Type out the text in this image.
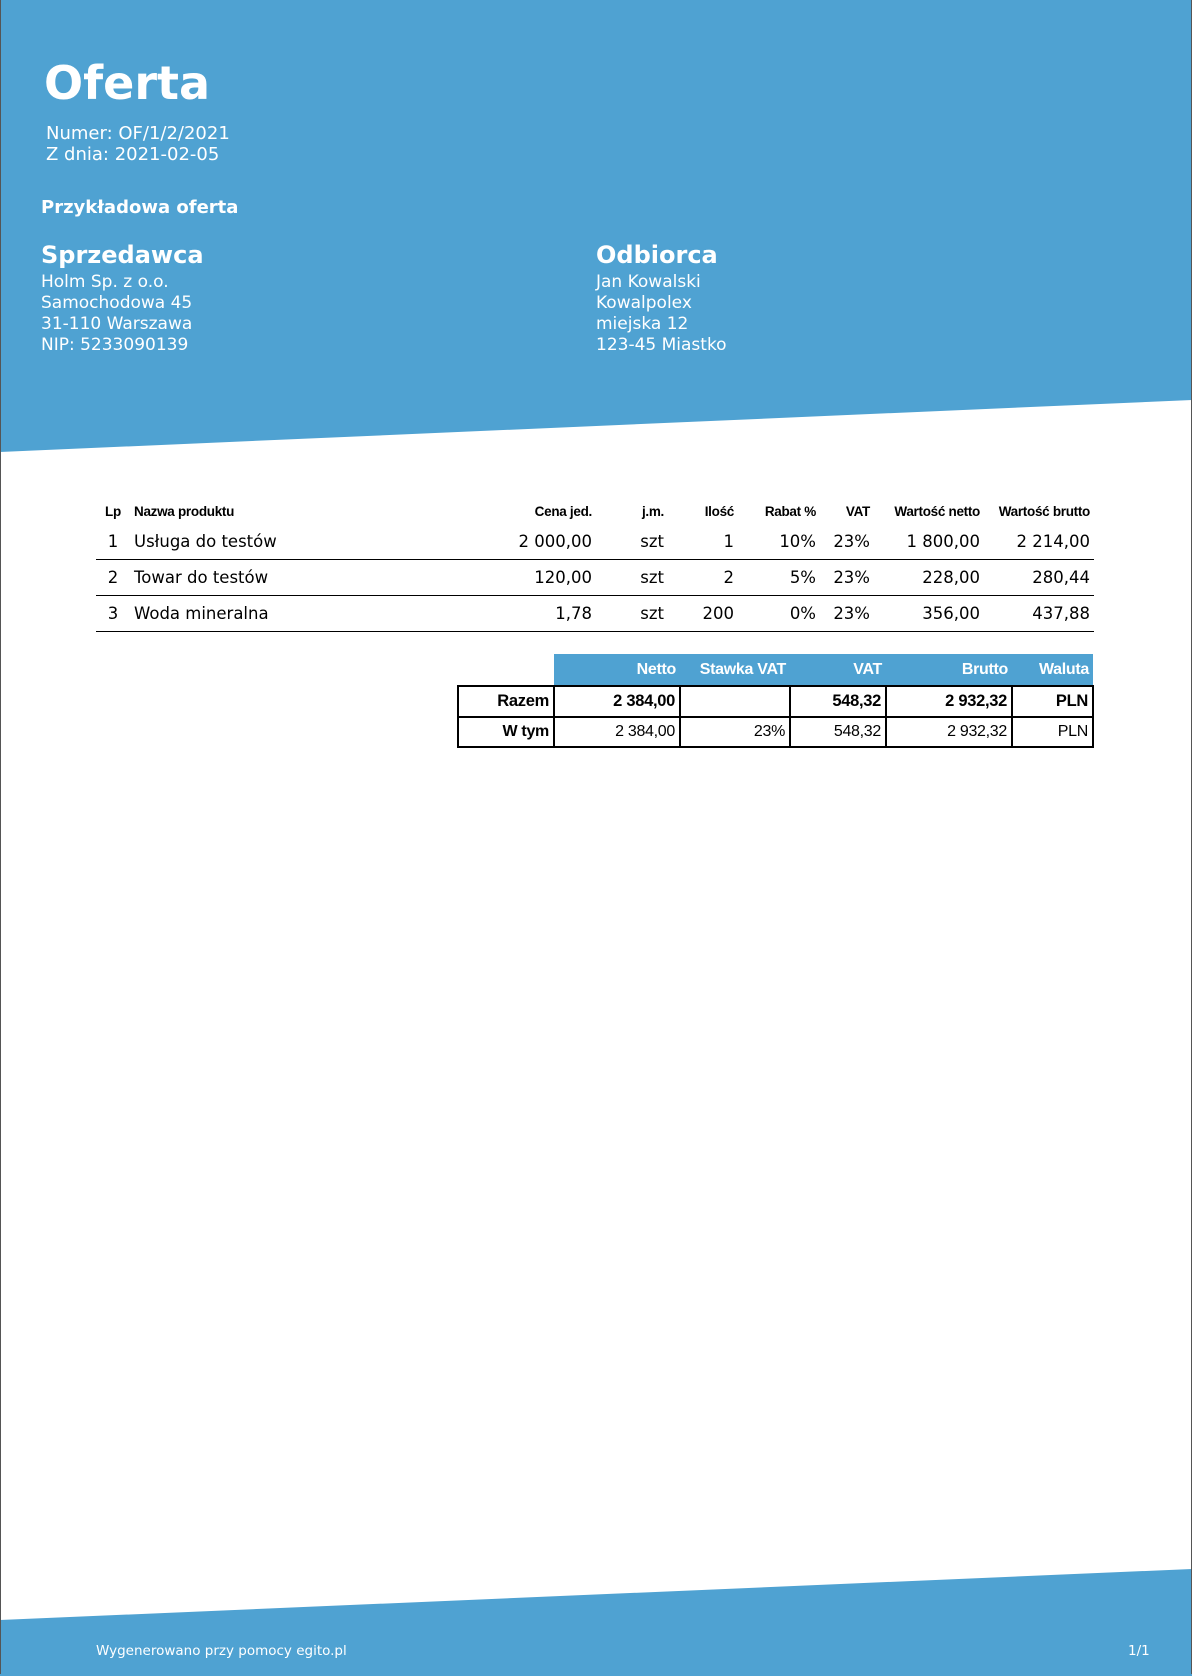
Oferta
Numer: OF/1/2/2021
Z dnia: 2021-02-05
Przykładowa oferta
Sprzedawca
Holm Sp. z o.o.
Samochodowa 45
31-110 Warszawa
NIP: 5233090139
Odbiorca
Jan Kowalski
Kowalpolex
miejska 12
123-45 Miastko
Lp	Nazwa produktu	Cena jed.	j.m.	Ilość	Rabat %	VAT	Wartość netto	Wartość brutto
1	Usługa do testów	2 000,00	szt	1	10%	23%	1 800,00	2 214,00
2	Towar do testów	120,00	szt	2	5%	23%	228,00	280,44
3	Woda mineralna	1,78	szt	200	0%	23%	356,00	437,88
	Netto	Stawka VAT	VAT	Brutto	Waluta
Razem	2 384,00		548,32	2 932,32	PLN
W tym	2 384,00	23%	548,32	2 932,32	PLN
Wygenerowano przy pomocy egito.pl	1/1
